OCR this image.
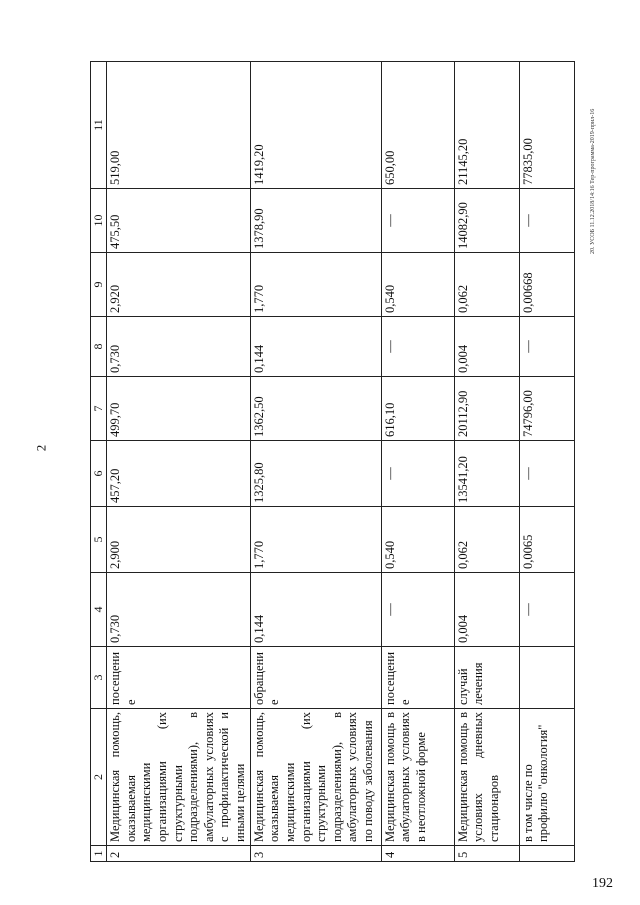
2
192
1	2	3	4	5	6	7	8	9	10	11
2	Медицинская помощь, оказываемая медицинскими организациями (их структурными подразделениями), в амбулаторных условиях с профилактической и иными целями	посещение	0,730	2,900	457,20	499,70	0,730	2,920	475,50	519,00
3	Медицинская помощь, оказываемая медицинскими организациями (их структурными подразделениями), в амбулаторных условиях по поводу заболевания	обращение	0,144	1,770	1325,80	1362,50	0,144	1,770	1378,90	1419,20
4	Медицинская помощь в амбулаторных условиях в неотложной форме	посещение	—	0,540	—	616,10	—	0,540	—	650,00
5	Медицинская помощь в условиях дневных стационаров	случай лечения	0,004	0,062	13541,20	20112,90	0,004	0,062	14082,90	21145,20
	в том числе по профилю "онкология"		—	0,0065	—	74796,00	—	0,00668	—	77835,00	20. УСОБ 11.12.2018/14:16 Тер-программа-2019-прил-16
